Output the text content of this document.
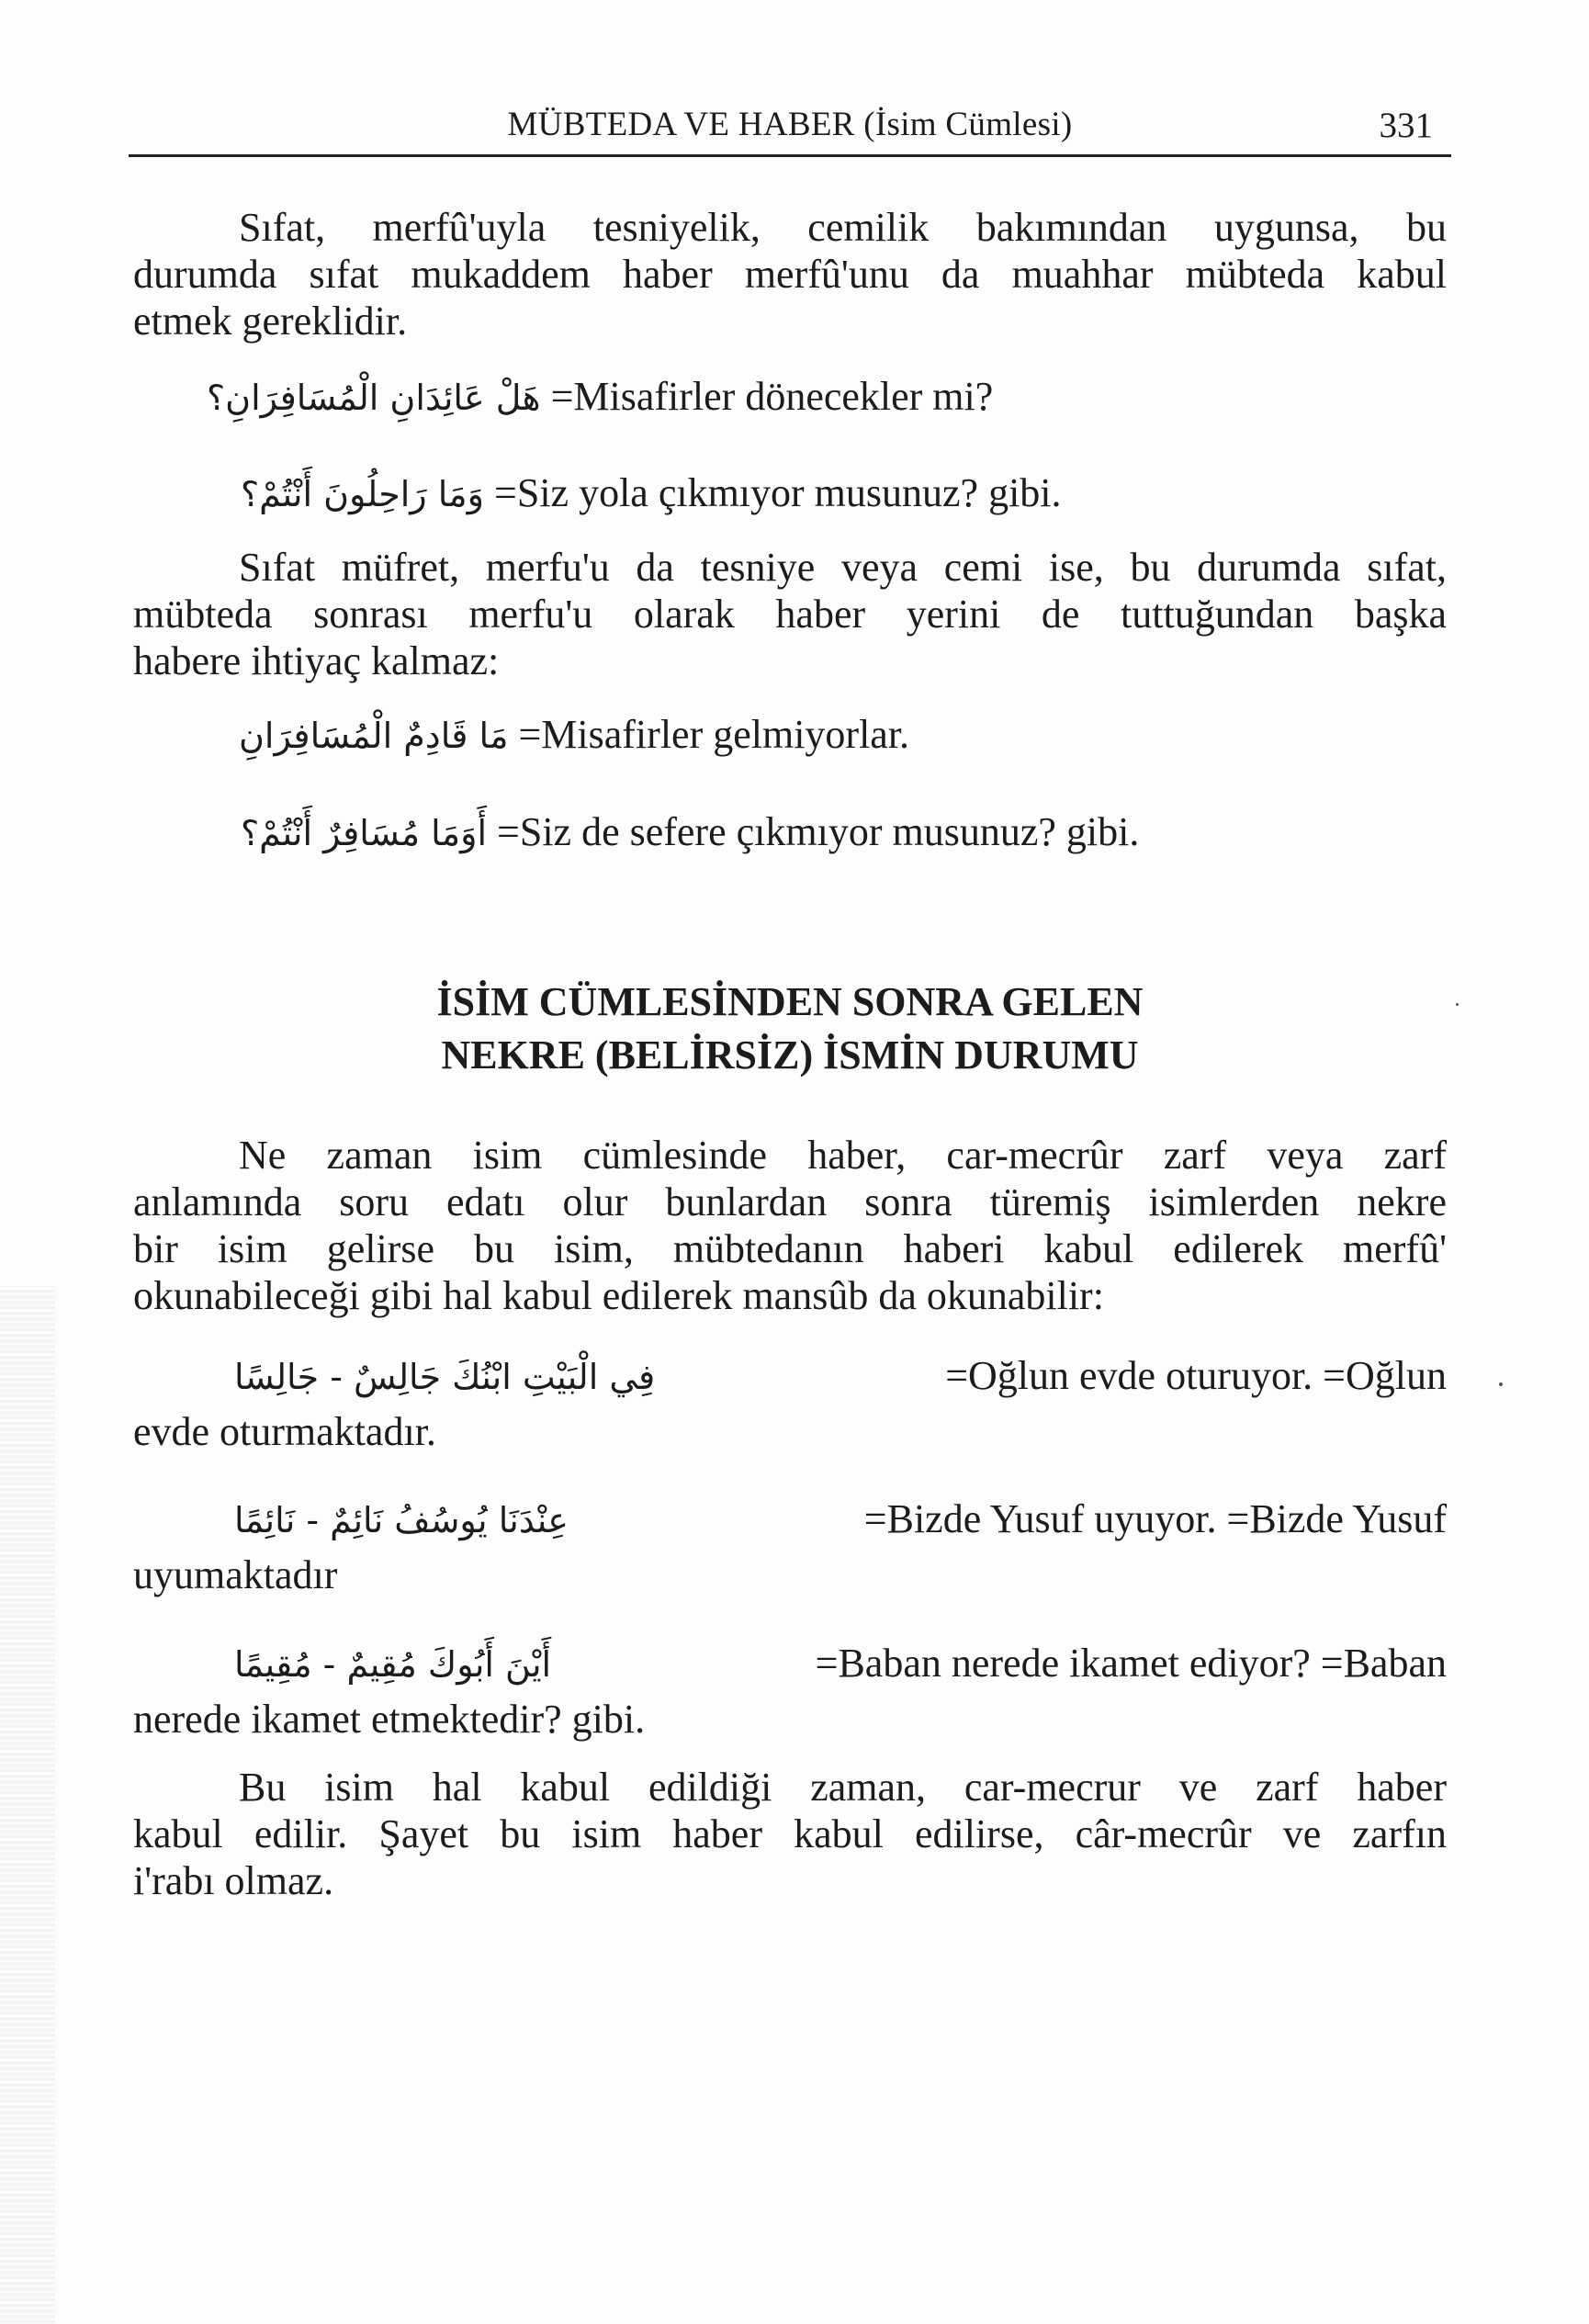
MÜBTEDA VE HABER (İsim Cümlesi)	331
Sıfat, merfû'uyla tesniyelik, cemilik bakımından uygunsa, bu
durumda sıfat mukaddem haber merfû'unu da muahhar mübteda kabul
etmek gereklidir.
هَلْ عَائِدَانِ الْمُسَافِرَانِ؟ =Misafirler dönecekler mi?
وَمَا رَاحِلُونَ أَنْتُمْ؟ =Siz yola çıkmıyor musunuz? gibi.
Sıfat müfret, merfu'u da tesniye veya cemi ise, bu durumda sıfat,
mübteda sonrası merfu'u olarak haber yerini de tuttuğundan başka
habere ihtiyaç kalmaz:
مَا قَادِمٌ الْمُسَافِرَانِ =Misafirler gelmiyorlar.
أَوَمَا مُسَافِرٌ أَنْتُمْ؟ =Siz de sefere çıkmıyor musunuz? gibi.
İSİM CÜMLESİNDEN SONRA GELEN
NEKRE (BELİRSİZ) İSMİN DURUMU
Ne zaman isim cümlesinde haber, car-mecrûr zarf veya zarf
anlamında soru edatı olur bunlardan sonra türemiş isimlerden nekre
bir isim gelirse bu isim, mübtedanın haberi kabul edilerek merfû'
okunabileceği gibi hal kabul edilerek mansûb da okunabilir:
فِي الْبَيْتِ ابْنُكَ جَالِسٌ - جَالِسًا	=Oğlun evde oturuyor. =Oğlun
evde oturmaktadır.
عِنْدَنَا يُوسُفُ نَائِمٌ - نَائِمًا	=Bizde Yusuf uyuyor. =Bizde Yusuf
uyumaktadır
أَيْنَ أَبُوكَ مُقِيمٌ - مُقِيمًا	=Baban nerede ikamet ediyor? =Baban
nerede ikamet etmektedir? gibi.
Bu isim hal kabul edildiği zaman, car-mecrur ve zarf haber
kabul edilir. Şayet bu isim haber kabul edilirse, câr-mecrûr ve zarfın
i'rabı olmaz.
